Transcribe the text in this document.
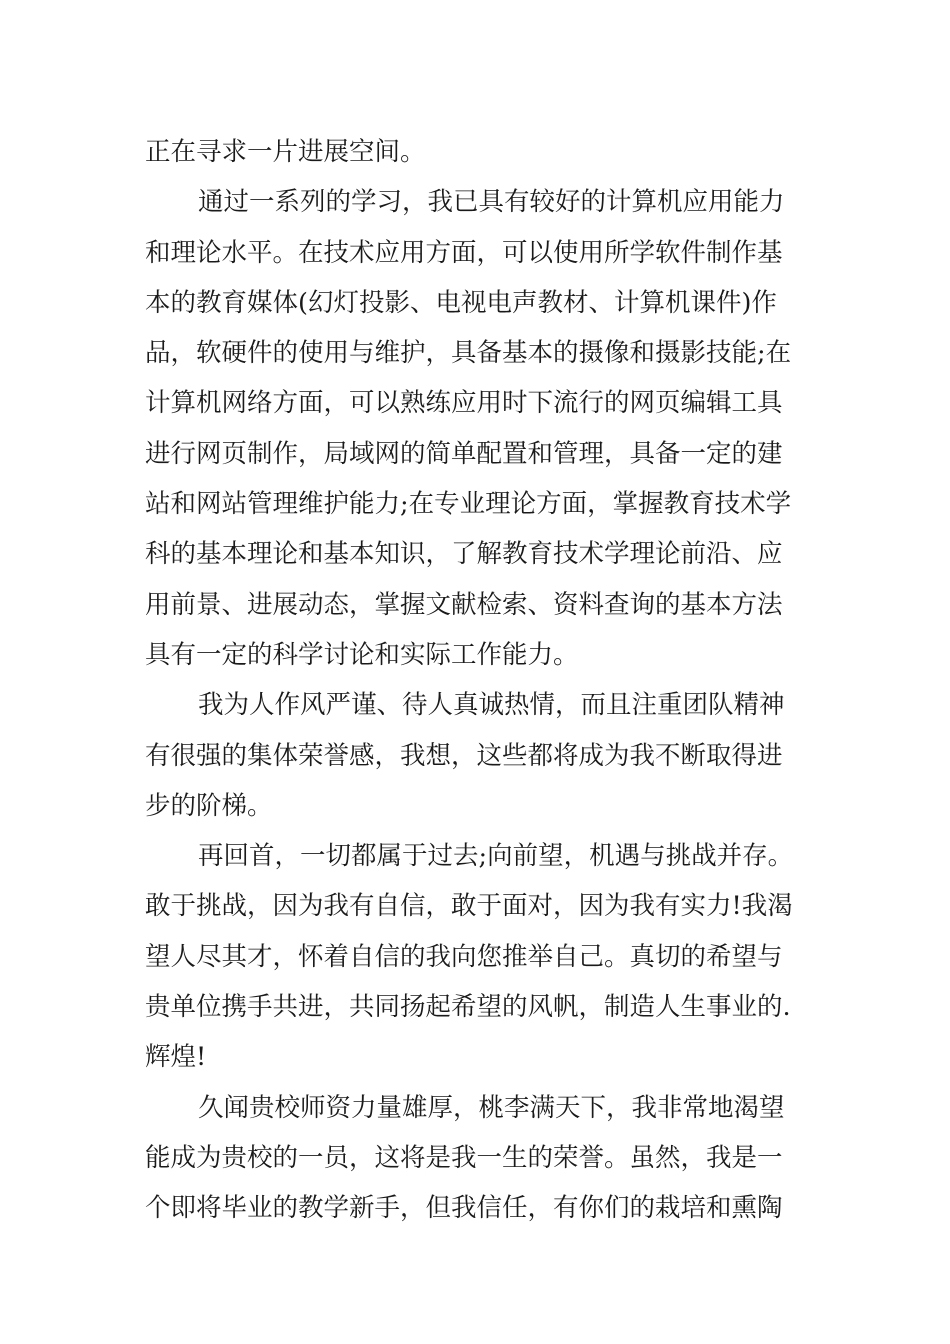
正在寻求一片进展空间。
通过一系列的学习，我已具有较好的计算机应用能力
和理论水平。在技术应用方面，可以使用所学软件制作基
本的教育媒体(幻灯投影、电视电声教材、计算机课件)作
品，软硬件的使用与维护，具备基本的摄像和摄影技能;在
计算机网络方面，可以熟练应用时下流行的网页编辑工具
进行网页制作，局域网的简单配置和管理，具备一定的建
站和网站管理维护能力;在专业理论方面，掌握教育技术学
科的基本理论和基本知识，了解教育技术学理论前沿、应
用前景、进展动态，掌握文献检索、资料查询的基本方法
具有一定的科学讨论和实际工作能力。
我为人作风严谨、待人真诚热情，而且注重团队精神
有很强的集体荣誉感，我想，这些都将成为我不断取得进
步的阶梯。
再回首，一切都属于过去;向前望，机遇与挑战并存。
敢于挑战，因为我有自信，敢于面对，因为我有实力!我渴
望人尽其才，怀着自信的我向您推举自己。真切的希望与
贵单位携手共进，共同扬起希望的风帆，制造人生事业的.
辉煌!
久闻贵校师资力量雄厚，桃李满天下，我非常地渴望
能成为贵校的一员，这将是我一生的荣誉。虽然，我是一
个即将毕业的教学新手，但我信任，有你们的栽培和熏陶
